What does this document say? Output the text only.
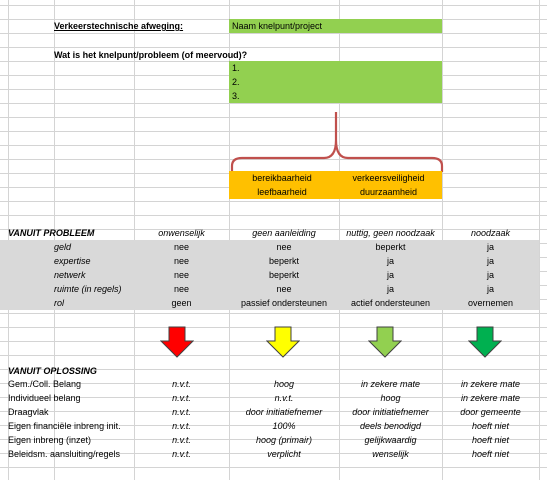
Verkeerstechnische afweging:	Naam knelpunt/project
Wat is het knelpunt/probleem (of meervoud)?
1.
2.
3.
bereikbaarheid	verkeersveiligheid
leefbaarheid	duurzaamheid
VANUIT PROBLEEM	onwenselijk	geen aanleiding	nuttig, geen noodzaak	noodzaak
geld	nee	nee	beperkt	ja
expertise	nee	beperkt	ja	ja
netwerk	nee	beperkt	ja	ja
ruimte (in regels)	nee	nee	ja	ja
rol	geen	passief ondersteunen	actief ondersteunen	overnemen
VANUIT OPLOSSING
Gem./Coll. Belang	n.v.t.	hoog	in zekere mate	in zekere mate
Individueel belang	n.v.t.	n.v.t.	hoog	in zekere mate
Draagvlak	n.v.t.	door initiatiefnemer	door initiatiefnemer	door gemeente
Eigen financiële inbreng init.	n.v.t.	100%	deels benodigd	hoeft niet
Eigen inbreng (inzet)	n.v.t.	hoog (primair)	gelijkwaardig	hoeft niet
Beleidsm. aansluiting/regels	n.v.t.	verplicht	wenselijk	hoeft niet
